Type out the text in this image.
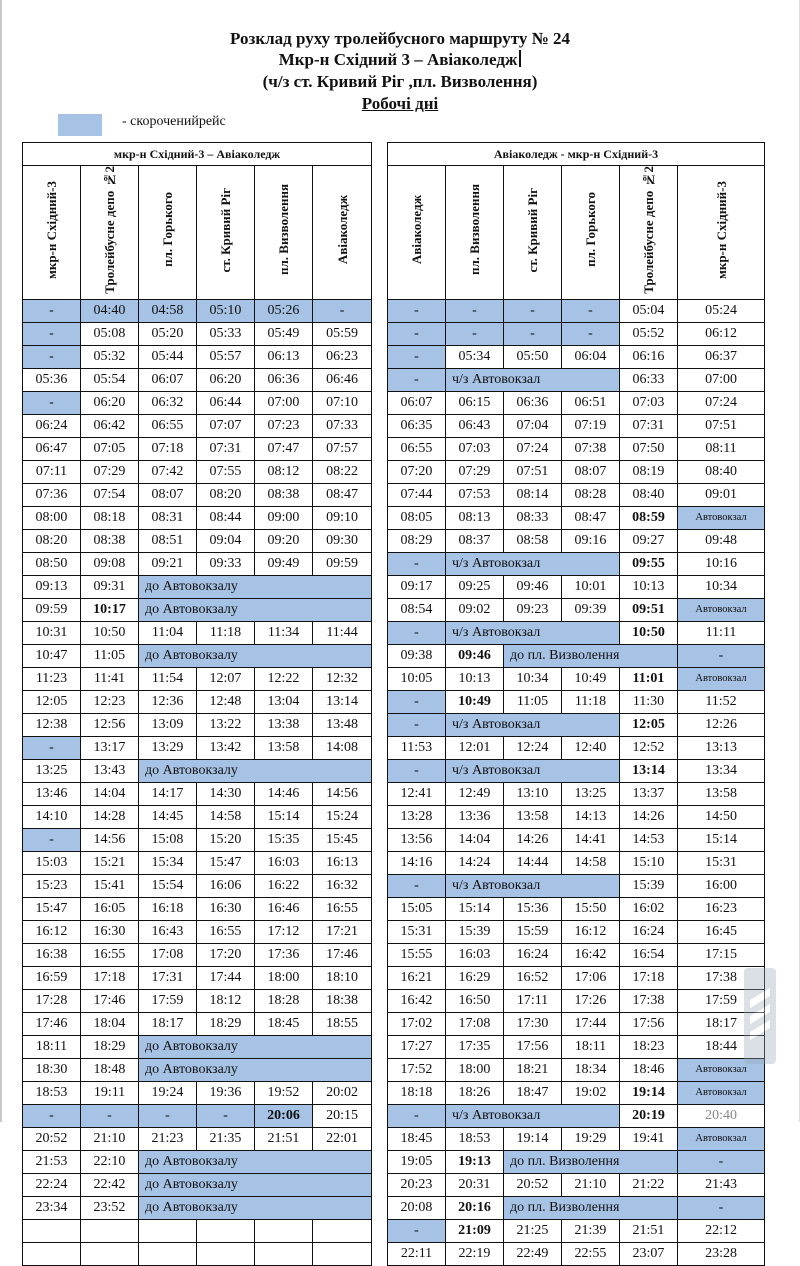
Розклад руху тролейбусного маршруту № 24
Мкр-н Східний 3 – Авіаколедж
(ч/з ст. Кривий Ріг ,пл. Визволення)
Робочі дні
- скороченийрейс
мкр-н Східний-3 – Авіаколедж					
мкр-н Східний-3	Тролейбусне депо №2	пл. Горького	ст. Кривий Ріг	пл. Визволення	Авіаколедж
-	04:40	04:58	05:10	05:26	-
-	05:08	05:20	05:33	05:49	05:59
-	05:32	05:44	05:57	06:13	06:23
05:36	05:54	06:07	06:20	06:36	06:46
-	06:20	06:32	06:44	07:00	07:10
06:24	06:42	06:55	07:07	07:23	07:33
06:47	07:05	07:18	07:31	07:47	07:57
07:11	07:29	07:42	07:55	08:12	08:22
07:36	07:54	08:07	08:20	08:38	08:47
08:00	08:18	08:31	08:44	09:00	09:10
08:20	08:38	08:51	09:04	09:20	09:30
08:50	09:08	09:21	09:33	09:49	09:59
09:13	09:31	до Автовокзалу			
09:59	10:17	до Автовокзалу			
10:31	10:50	11:04	11:18	11:34	11:44
10:47	11:05	до Автовокзалу			
11:23	11:41	11:54	12:07	12:22	12:32
12:05	12:23	12:36	12:48	13:04	13:14
12:38	12:56	13:09	13:22	13:38	13:48
-	13:17	13:29	13:42	13:58	14:08
13:25	13:43	до Автовокзалу			
13:46	14:04	14:17	14:30	14:46	14:56
14:10	14:28	14:45	14:58	15:14	15:24
-	14:56	15:08	15:20	15:35	15:45
15:03	15:21	15:34	15:47	16:03	16:13
15:23	15:41	15:54	16:06	16:22	16:32
15:47	16:05	16:18	16:30	16:46	16:55
16:12	16:30	16:43	16:55	17:12	17:21
16:38	16:55	17:08	17:20	17:36	17:46
16:59	17:18	17:31	17:44	18:00	18:10
17:28	17:46	17:59	18:12	18:28	18:38
17:46	18:04	18:17	18:29	18:45	18:55
18:11	18:29	до Автовокзалу			
18:30	18:48	до Автовокзалу			
18:53	19:11	19:24	19:36	19:52	20:02
-	-	-	-	20:06	20:15
20:52	21:10	21:23	21:35	21:51	22:01
21:53	22:10	до Автовокзалу			
22:24	22:42	до Автовокзалу			
23:34	23:52	до Автовокзалу			

Авіаколедж - мкр-н Східний-3					
Авіаколедж	пл. Визволення	ст. Кривий Ріг	пл. Горького	Тролейбусне депо №2	мкр-н Східний-3
-	-	-	-	05:04	05:24
-	-	-	-	05:52	06:12
-	05:34	05:50	06:04	06:16	06:37
-	ч/з Автовокзал			06:33	07:00
06:07	06:15	06:36	06:51	07:03	07:24
06:35	06:43	07:04	07:19	07:31	07:51
06:55	07:03	07:24	07:38	07:50	08:11
07:20	07:29	07:51	08:07	08:19	08:40
07:44	07:53	08:14	08:28	08:40	09:01
08:05	08:13	08:33	08:47	08:59	Автовокзал
08:29	08:37	08:58	09:16	09:27	09:48
-	ч/з Автовокзал			09:55	10:16
09:17	09:25	09:46	10:01	10:13	10:34
08:54	09:02	09:23	09:39	09:51	Автовокзал
-	ч/з Автовокзал			10:50	11:11
09:38	09:46	до пл. Визволення			-
10:05	10:13	10:34	10:49	11:01	Автовокзал
-	10:49	11:05	11:18	11:30	11:52
-	ч/з Автовокзал			12:05	12:26
11:53	12:01	12:24	12:40	12:52	13:13
-	ч/з Автовокзал			13:14	13:34
12:41	12:49	13:10	13:25	13:37	13:58
13:28	13:36	13:58	14:13	14:26	14:50
13:56	14:04	14:26	14:41	14:53	15:14
14:16	14:24	14:44	14:58	15:10	15:31
-	ч/з Автовокзал			15:39	16:00
15:05	15:14	15:36	15:50	16:02	16:23
15:31	15:39	15:59	16:12	16:24	16:45
15:55	16:03	16:24	16:42	16:54	17:15
16:21	16:29	16:52	17:06	17:18	17:38
16:42	16:50	17:11	17:26	17:38	17:59
17:02	17:08	17:30	17:44	17:56	18:17
17:27	17:35	17:56	18:11	18:23	18:44
17:52	18:00	18:21	18:34	18:46	Автовокзал
18:18	18:26	18:47	19:02	19:14	Автовокзал
-	ч/з Автовокзал			20:19	20:40
18:45	18:53	19:14	19:29	19:41	Автовокзал
19:05	19:13	до пл. Визволення			-
20:23	20:31	20:52	21:10	21:22	21:43
20:08	20:16	до пл. Визволення			-
-	21:09	21:25	21:39	21:51	22:12
22:11	22:19	22:49	22:55	23:07	23:28
